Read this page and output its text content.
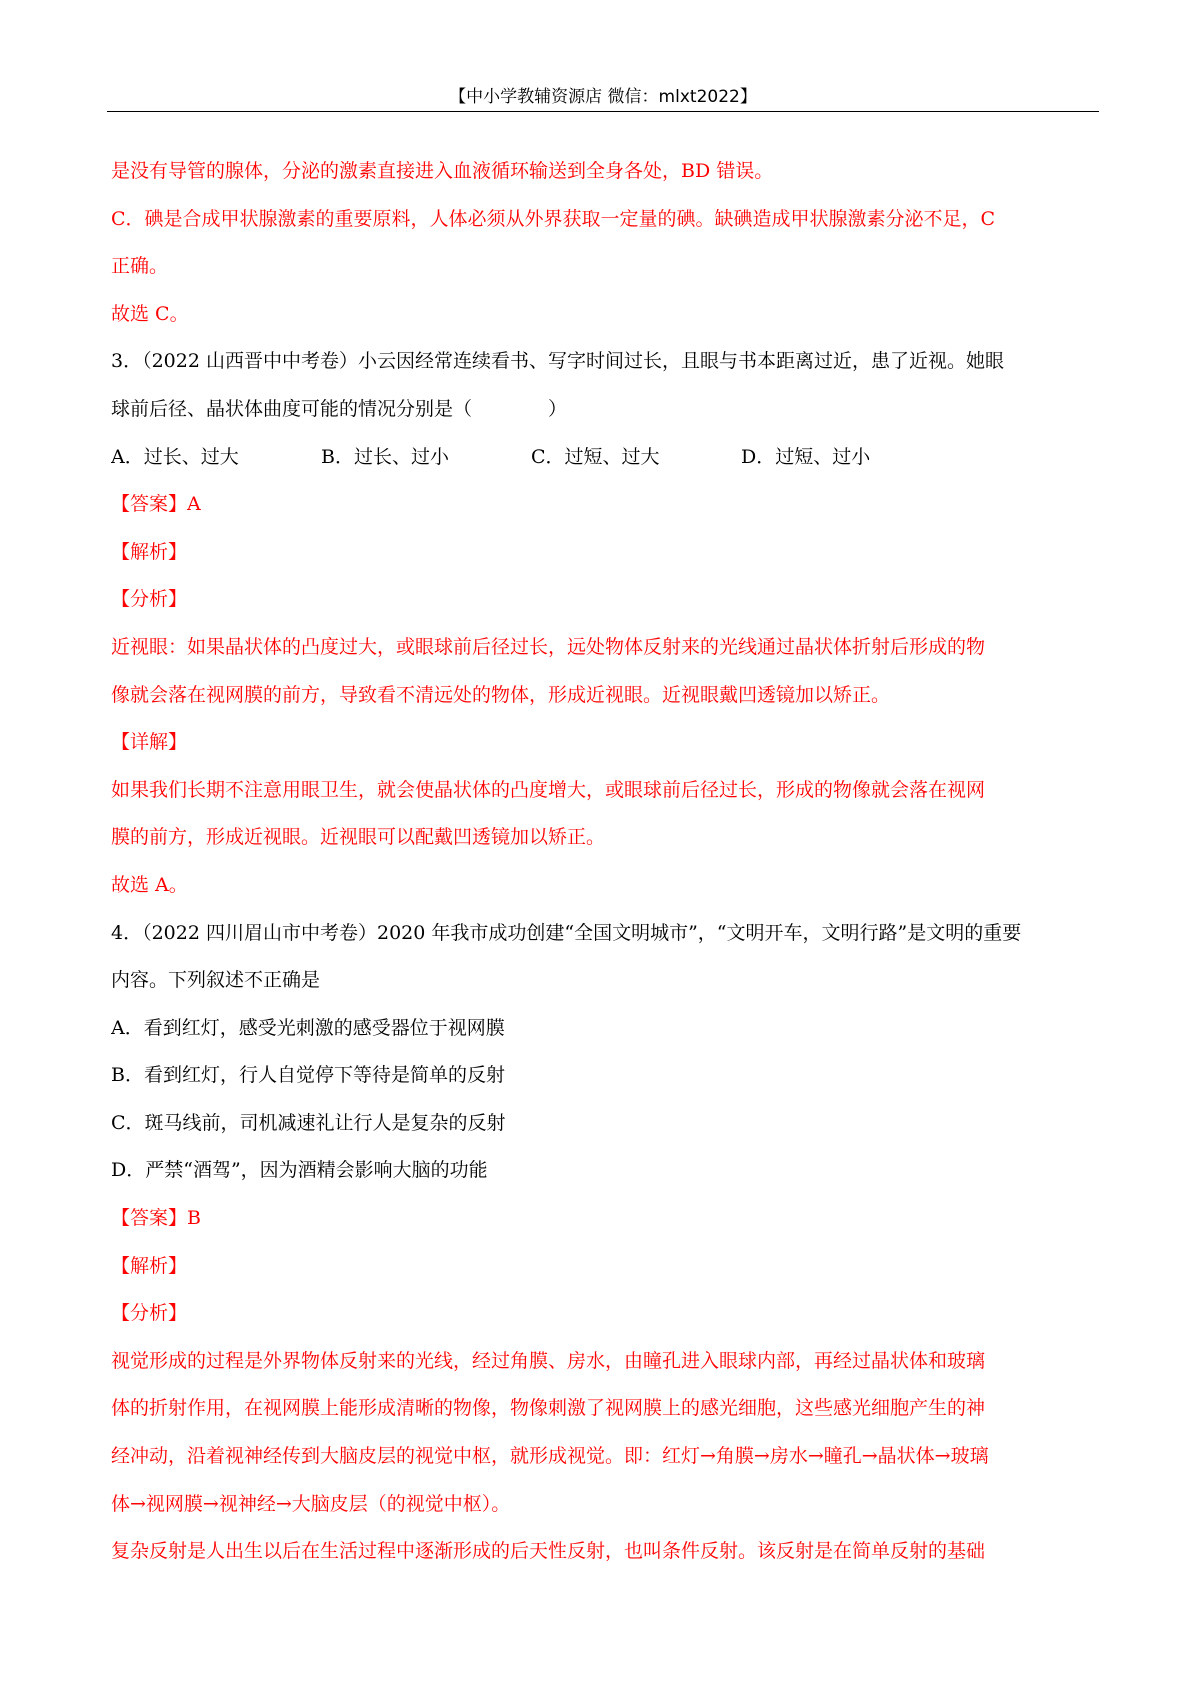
【中小学教辅资源店 微信：mlxt2022】
是没有导管的腺体，分泌的激素直接进入血液循环输送到全身各处，BD 错误。
C．碘是合成甲状腺激素的重要原料，人体必须从外界获取一定量的碘。缺碘造成甲状腺激素分泌不足，C
正确。
故选 C。
3．（2022 山西晋中中考卷）小云因经常连续看书、写字时间过长，且眼与书本距离过近，患了近视。她眼
球前后径、晶状体曲度可能的情况分别是（　　　　）
A．过长、过大	B．过长、过小	C．过短、过大	D．过短、过小
【答案】A
【解析】
【分析】
近视眼：如果晶状体的凸度过大，或眼球前后径过长，远处物体反射来的光线通过晶状体折射后形成的物
像就会落在视网膜的前方，导致看不清远处的物体，形成近视眼。近视眼戴凹透镜加以矫正。
【详解】
如果我们长期不注意用眼卫生，就会使晶状体的凸度增大，或眼球前后径过长，形成的物像就会落在视网
膜的前方，形成近视眼。近视眼可以配戴凹透镜加以矫正。
故选 A。
4．（2022 四川眉山市中考卷）2020 年我市成功创建“全国文明城市”，“文明开车，文明行路”是文明的重要
内容。下列叙述不正确是
A．看到红灯，感受光刺激的感受器位于视网膜
B．看到红灯，行人自觉停下等待是简单的反射
C．斑马线前，司机减速礼让行人是复杂的反射
D．严禁“酒驾”，因为酒精会影响大脑的功能
【答案】B
【解析】
【分析】
视觉形成的过程是外界物体反射来的光线，经过角膜、房水，由瞳孔进入眼球内部，再经过晶状体和玻璃
体的折射作用，在视网膜上能形成清晰的物像，物像刺激了视网膜上的感光细胞，这些感光细胞产生的神
经冲动，沿着视神经传到大脑皮层的视觉中枢，就形成视觉。即：红灯→角膜→房水→瞳孔→晶状体→玻璃
体→视网膜→视神经→大脑皮层（的视觉中枢）。
复杂反射是人出生以后在生活过程中逐渐形成的后天性反射，也叫条件反射。该反射是在简单反射的基础
